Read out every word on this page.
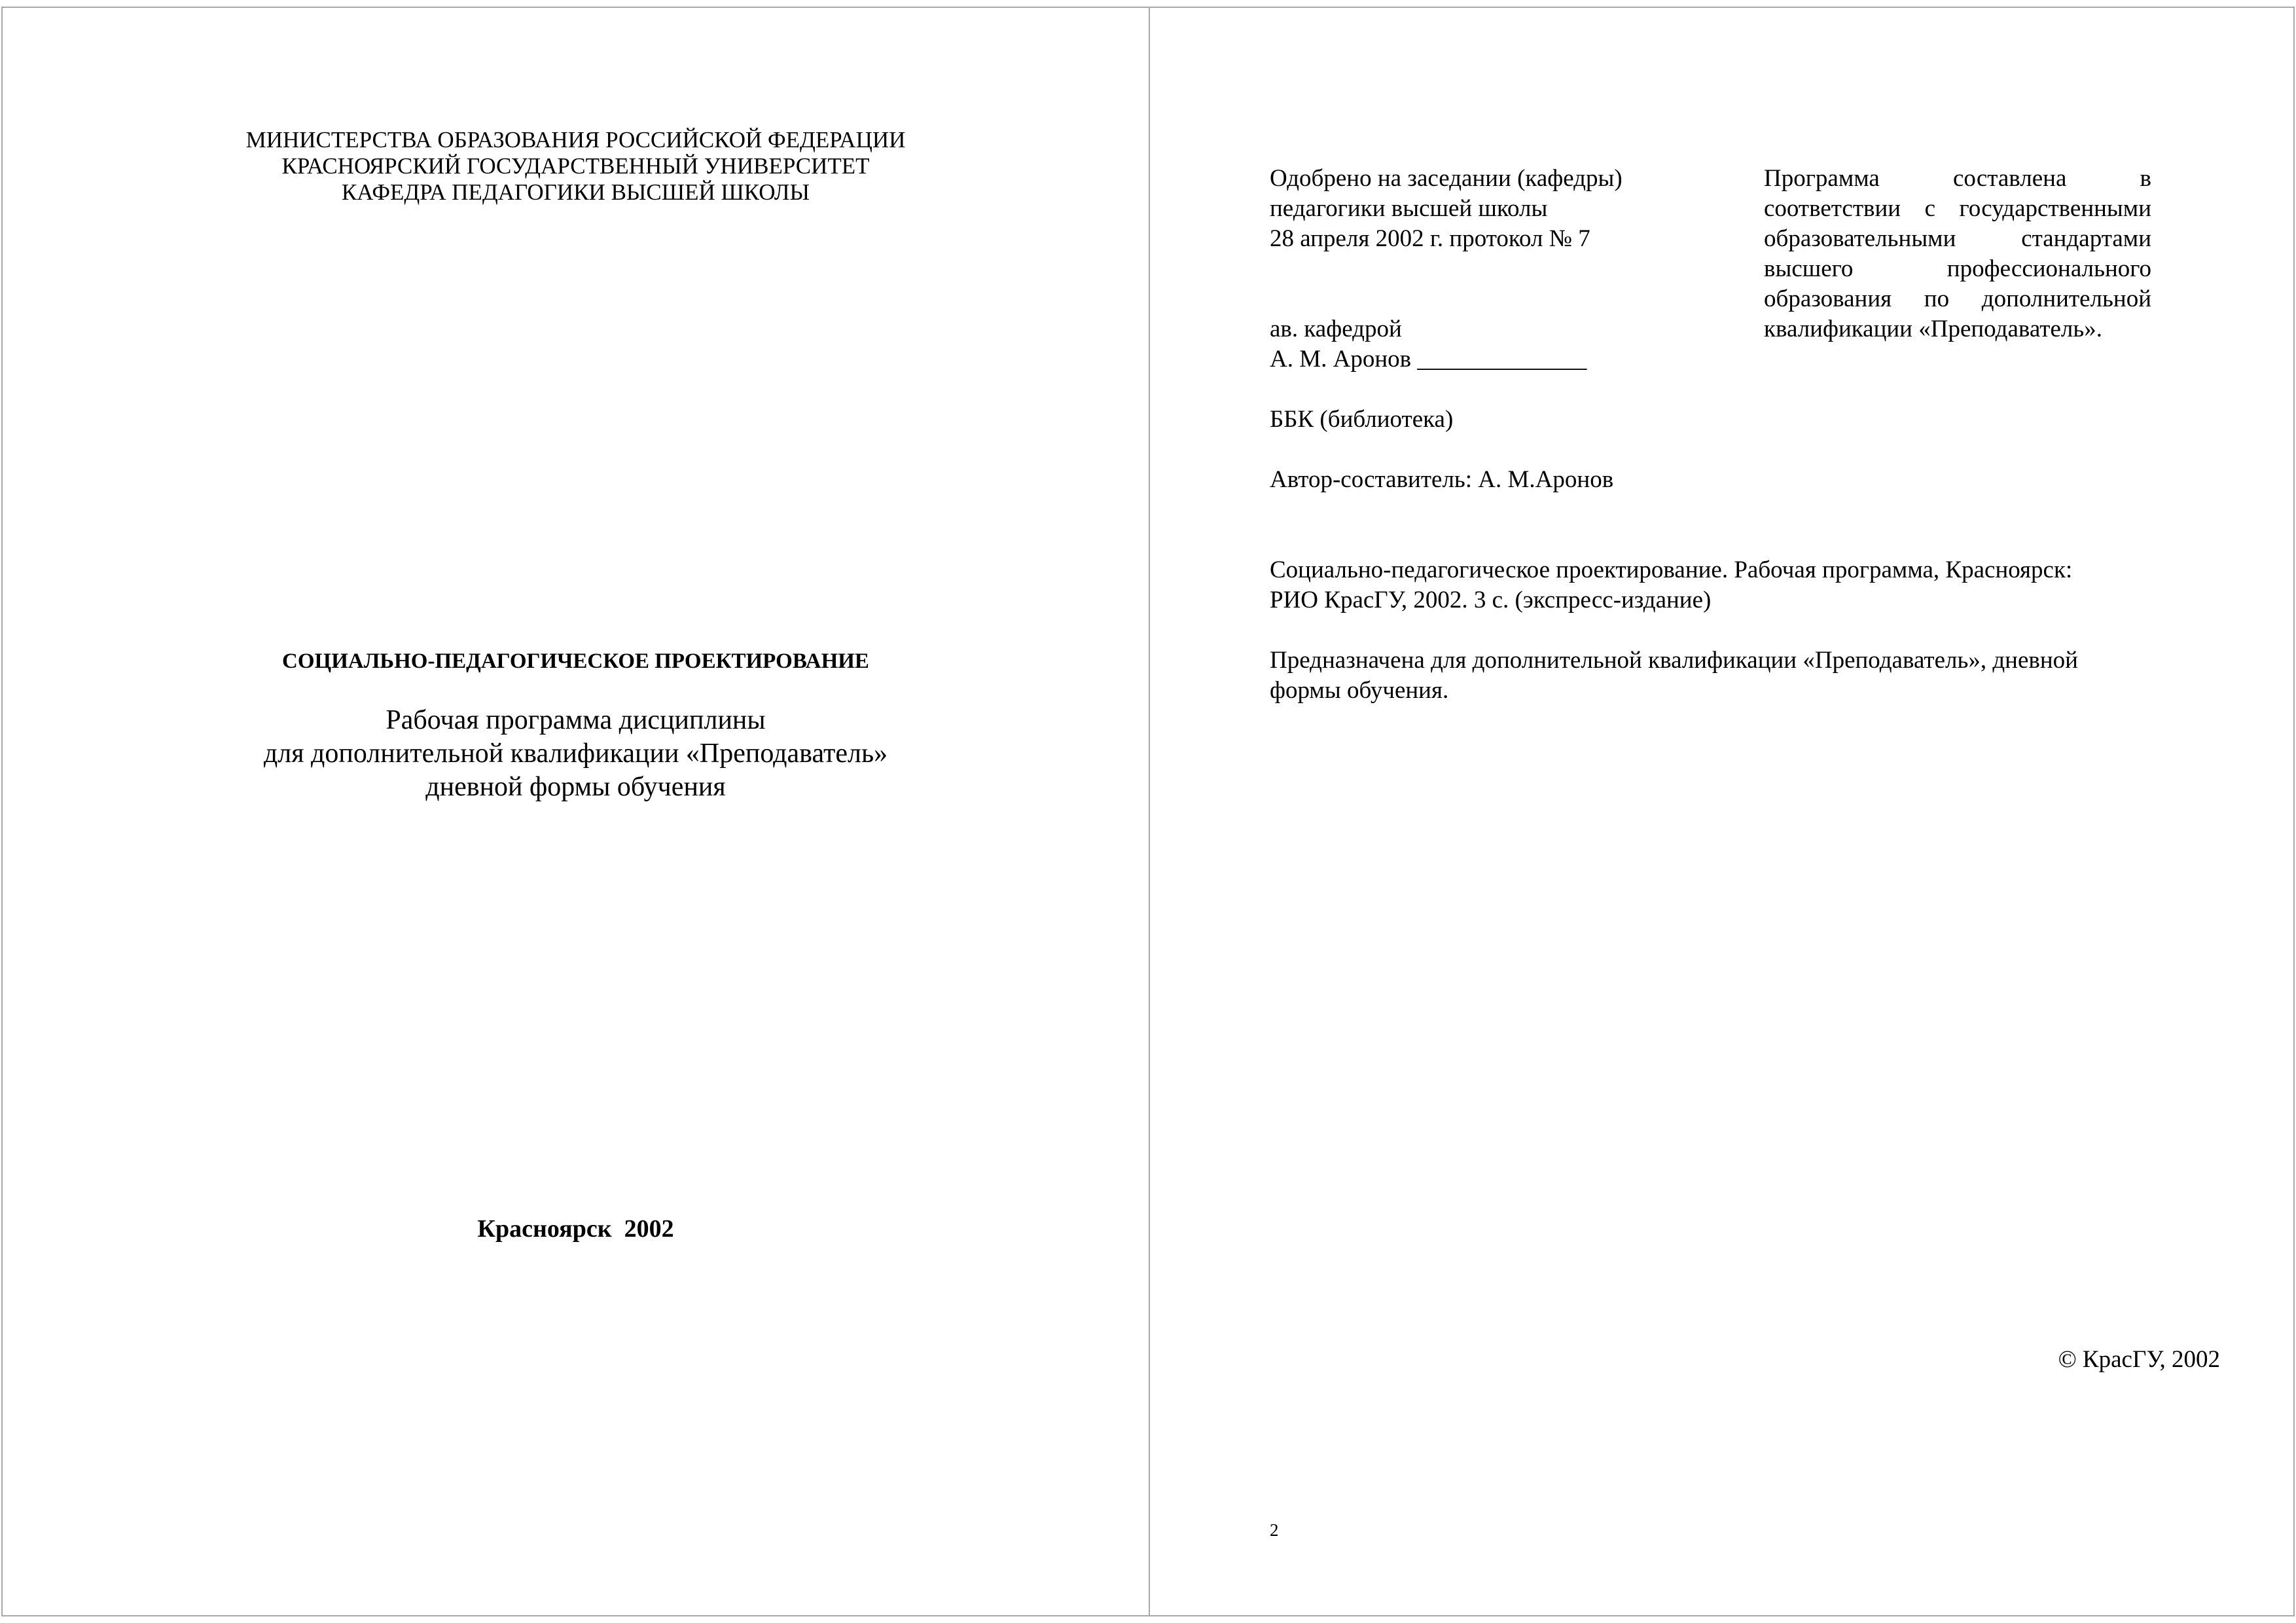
МИНИСТЕРСТВА ОБРАЗОВАНИЯ РОССИЙСКОЙ ФЕДЕРАЦИИ
КРАСНОЯРСКИЙ ГОСУДАРСТВЕННЫЙ УНИВЕРСИТЕТ
КАФЕДРА ПЕДАГОГИКИ ВЫСШЕЙ ШКОЛЫ
СОЦИАЛЬНО-ПЕДАГОГИЧЕСКОЕ ПРОЕКТИРОВАНИЕ
Рабочая программа дисциплины
для дополнительной квалификации «Преподаватель»
дневной формы обучения
Красноярск  2002
Одобрено на заседании (кафедры)
педагогики высшей школы
28 апреля 2002 г. протокол № 7
Программа составлена в соответствии с государственными образовательными стандартами высшего профессионального образования по дополнительной квалификации «Преподаватель».
ав. кафедрой
А. М. Аронов ______________
ББК (библиотека)
Автор-составитель: А. М.Аронов
Социально-педагогическое проектирование. Рабочая программа, Красноярск:
РИО КрасГУ, 2002. 3 с. (экспресс-издание)
Предназначена для дополнительной квалификации «Преподаватель», дневной
формы обучения.
© КрасГУ, 2002
2
